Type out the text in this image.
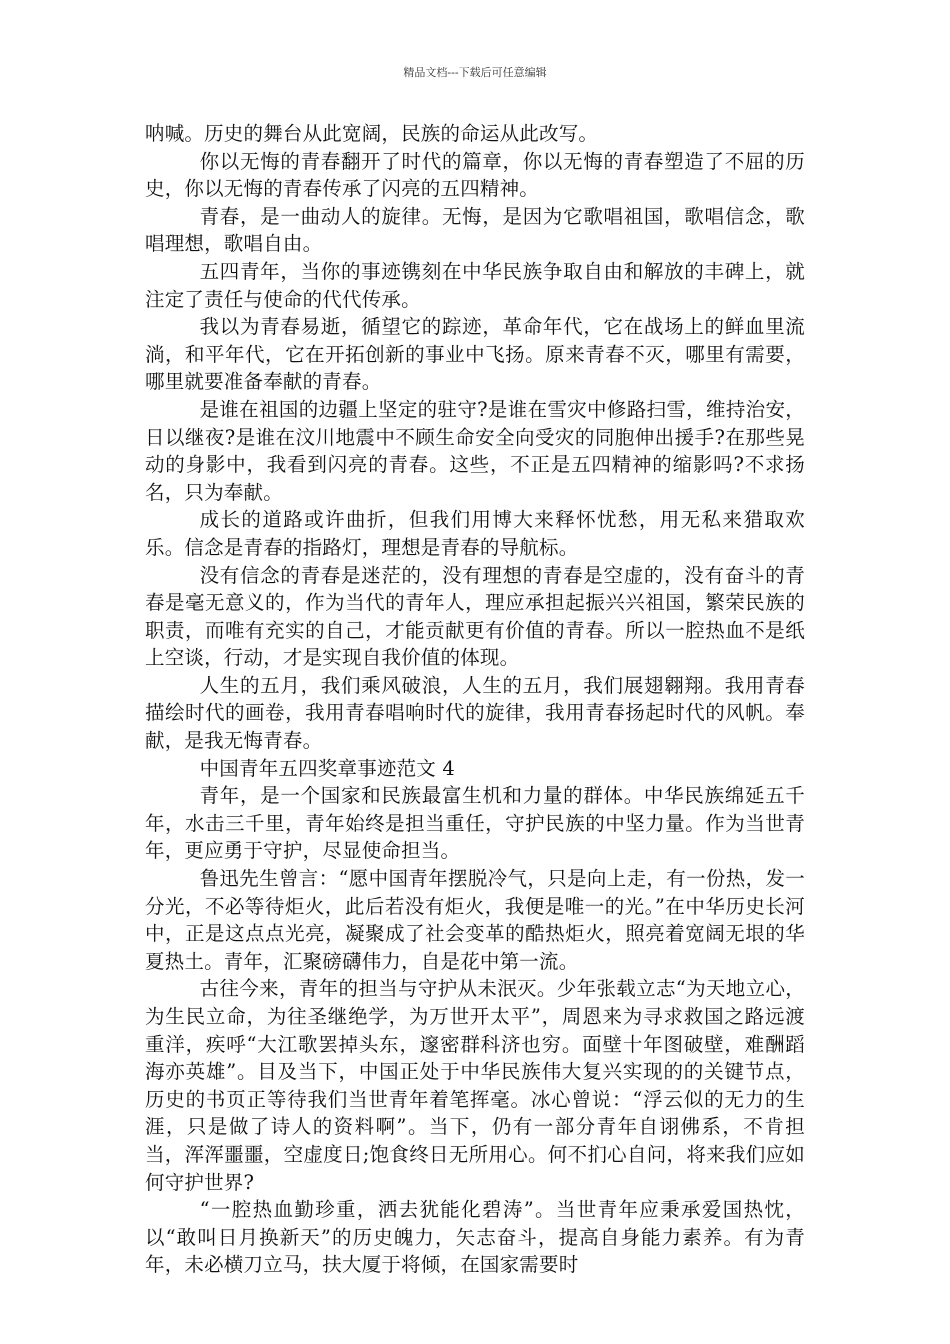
精品文档---下载后可任意编辑

呐喊。历史的舞台从此宽阔，民族的命运从此改写。

你以无悔的青春翻开了时代的篇章，你以无悔的青春塑造了不屈的历史，你以无悔的青春传承了闪亮的五四精神。

青春，是一曲动人的旋律。无悔，是因为它歌唱祖国，歌唱信念，歌唱理想，歌唱自由。

五四青年，当你的事迹镌刻在中华民族争取自由和解放的丰碑上，就注定了责任与使命的代代传承。

我以为青春易逝，循望它的踪迹，革命年代，它在战场上的鲜血里流淌，和平年代，它在开拓创新的事业中飞扬。原来青春不灭，哪里有需要，哪里就要准备奉献的青春。

是谁在祖国的边疆上坚定的驻守?是谁在雪灾中修路扫雪，维持治安，日以继夜?是谁在汶川地震中不顾生命安全向受灾的同胞伸出援手?在那些晃动的身影中，我看到闪亮的青春。这些，不正是五四精神的缩影吗?不求扬名，只为奉献。

成长的道路或许曲折，但我们用博大来释怀忧愁，用无私来猎取欢乐。信念是青春的指路灯，理想是青春的导航标。

没有信念的青春是迷茫的，没有理想的青春是空虚的，没有奋斗的青春是毫无意义的，作为当代的青年人，理应承担起振兴兴祖国，繁荣民族的职责，而唯有充实的自己，才能贡献更有价值的青春。所以一腔热血不是纸上空谈，行动，才是实现自我价值的体现。

人生的五月，我们乘风破浪，人生的五月，我们展翅翱翔。我用青春描绘时代的画卷，我用青春唱响时代的旋律，我用青春扬起时代的风帆。奉献，是我无悔青春。

中国青年五四奖章事迹范文 4

青年，是一个国家和民族最富生机和力量的群体。中华民族绵延五千年，水击三千里，青年始终是担当重任，守护民族的中坚力量。作为当世青年，更应勇于守护，尽显使命担当。

鲁迅先生曾言：“愿中国青年摆脱冷气，只是向上走，有一份热，发一分光，不必等待炬火，此后若没有炬火，我便是唯一的光。”在中华历史长河中，正是这点点光亮，凝聚成了社会变革的酷热炬火，照亮着宽阔无垠的华夏热土。青年，汇聚磅礴伟力，自是花中第一流。

古往今来，青年的担当与守护从未泯灭。少年张载立志“为天地立心，为生民立命，为往圣继绝学，为万世开太平”，周恩来为寻求救国之路远渡重洋，疾呼“大江歌罢掉头东，邃密群科济也穷。面壁十年图破壁，难酬蹈海亦英雄”。目及当下，中国正处于中华民族伟大复兴实现的的关键节点，历史的书页正等待我们当世青年着笔挥毫。冰心曾说：“浮云似的无力的生涯，只是做了诗人的资料啊”。当下，仍有一部分青年自诩佛系，不肯担当，浑浑噩噩，空虚度日;饱食终日无所用心。何不扪心自问，将来我们应如何守护世界?

“一腔热血勤珍重，洒去犹能化碧涛”。当世青年应秉承爱国热忱，以“敢叫日月换新天”的历史魄力，矢志奋斗，提高自身能力素养。有为青年，未必横刀立马，扶大厦于将倾，在国家需要时
